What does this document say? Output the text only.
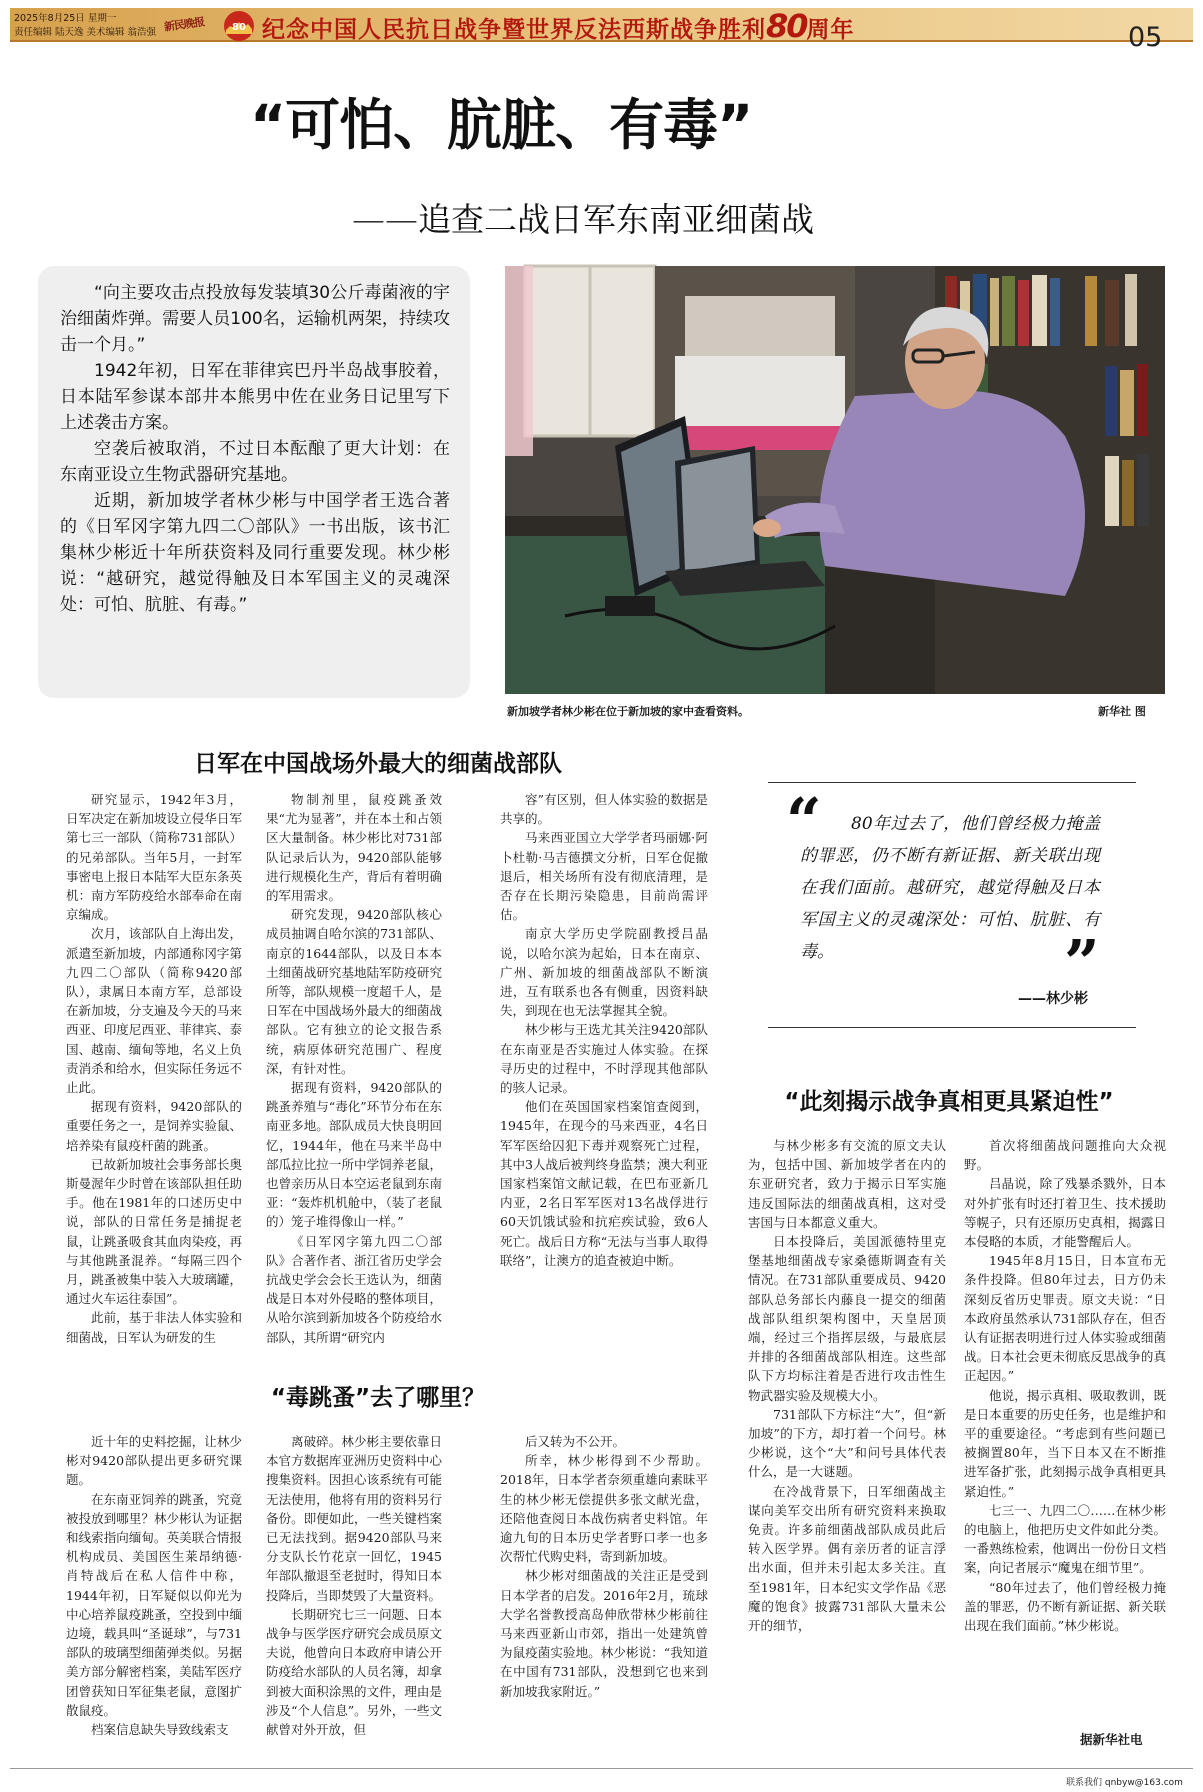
2025年8月25日 星期一
责任编辑 陆天逸 美术编辑 翁浩强 新民晚报	80 纪念中国人民抗日战争暨世界反法西斯战争胜利80周年	05
“可怕、肮脏、有毒”
——追查二战日军东南亚细菌战

“向主要攻击点投放每发装填30公斤毒菌液的宇治细菌炸弹。需要人员100名，运输机两架，持续攻击一个月。”

1942年初，日军在菲律宾巴丹半岛战事胶着，日本陆军参谋本部井本熊男中佐在业务日记里写下上述袭击方案。

空袭后被取消，不过日本酝酿了更大计划：在东南亚设立生物武器研究基地。

近期，新加坡学者林少彬与中国学者王选合著的《日军冈字第九四二〇部队》一书出版，该书汇集林少彬近十年所获资料及同行重要发现。林少彬说：“越研究，越觉得触及日本军国主义的灵魂深处：可怕、肮脏、有毒。”

新加坡学者林少彬在位于新加坡的家中查看资料。	新华社 图
日军在中国战场外最大的细菌战部队

研究显示，1942年3月，日军决定在新加坡设立侵华日军第七三一部队（简称731部队）的兄弟部队。当年5月，一封军事密电上报日本陆军大臣东条英机：南方军防疫给水部奉命在南京编成。

次月，该部队自上海出发，派遣至新加坡，内部通称冈字第九四二〇部队（简称9420部队），隶属日本南方军，总部设在新加坡，分支遍及今天的马来西亚、印度尼西亚、菲律宾、泰国、越南、缅甸等地，名义上负责消杀和给水，但实际任务远不止此。

据现有资料，9420部队的重要任务之一，是饲养实验鼠、培养染有鼠疫杆菌的跳蚤。

已故新加坡社会事务部长奥斯曼渥年少时曾在该部队担任助手。他在1981年的口述历史中说，部队的日常任务是捕捉老鼠，让跳蚤吸食其血肉染疫，再与其他跳蚤混养。“每隔三四个月，跳蚤被集中装入大玻璃罐，通过火车运往泰国”。

此前，基于非法人体实验和细菌战，日军认为研发的生

物制剂里，鼠疫跳蚤效果“尤为显著”，并在本土和占领区大量制备。林少彬比对731部队记录后认为，9420部队能够进行规模化生产，背后有着明确的军用需求。

研究发现，9420部队核心成员抽调自哈尔滨的731部队、南京的1644部队，以及日本本土细菌战研究基地陆军防疫研究所等，部队规模一度超千人，是日军在中国战场外最大的细菌战部队。它有独立的论文报告系统，病原体研究范围广、程度深，有针对性。

据现有资料，9420部队的跳蚤养殖与“毒化”环节分布在东南亚多地。部队成员大快良明回忆，1944年，他在马来半岛中部瓜拉比拉一所中学饲养老鼠，也曾亲历从日本空运老鼠到东南亚：“轰炸机机舱中，（装了老鼠的）笼子堆得像山一样。”

《日军冈字第九四二〇部队》合著作者、浙江省历史学会抗战史学会会长王选认为，细菌战是日本对外侵略的整体项目，从哈尔滨到新加坡各个防疫给水部队，其所谓“研究内

容”有区别，但人体实验的数据是共享的。

马来西亚国立大学学者玛丽娜·阿卜杜勒·马吉德撰文分析，日军仓促撤退后，相关场所有没有彻底清理，是否存在长期污染隐患，目前尚需评估。

南京大学历史学院副教授吕晶说，以哈尔滨为起始，日本在南京、广州、新加坡的细菌战部队不断演进，互有联系也各有侧重，因资料缺失，到现在也无法掌握其全貌。

林少彬与王选尤其关注9420部队在东南亚是否实施过人体实验。在探寻历史的过程中，不时浮现其他部队的骇人记录。

他们在英国国家档案馆查阅到，1945年，在现今的马来西亚，4名日军军医给囚犯下毒并观察死亡过程，其中3人战后被判终身监禁；澳大利亚国家档案馆文献记载，在巴布亚新几内亚，2名日军军医对13名战俘进行60天饥饿试验和抗疟疾试验，致6人死亡。战后日方称“无法与当事人取得联络”，让澳方的追查被迫中断。

“	80年过去了，他们曾经极力掩盖的罪恶，仍不断有新证据、新关联出现在我们面前。越研究，越觉得触及日本军国主义的灵魂深处：可怕、肮脏、有毒。	”
——林少彬
“此刻揭示战争真相更具紧迫性”
“毒跳蚤”去了哪里？

近十年的史料挖掘，让林少彬对9420部队提出更多研究课题。

在东南亚饲养的跳蚤，究竟被投放到哪里？林少彬认为证据和线索指向缅甸。英美联合情报机构成员、美国医生莱昂纳德·肖特战后在私人信件中称，1944年初，日军疑似以仰光为中心培养鼠疫跳蚤，空投到中缅边境，载具叫“圣诞球”，与731部队的玻璃型细菌弹类似。另据美方部分解密档案，美陆军医疗团曾获知日军征集老鼠，意图扩散鼠疫。

档案信息缺失导致线索支

离破碎。林少彬主要依靠日本官方数据库亚洲历史资料中心搜集资料。因担心该系统有可能无法使用，他将有用的资料另行备份。即便如此，一些关键档案已无法找到。据9420部队马来分支队长竹花京一回忆，1945年部队撤退至老挝时，得知日本投降后，当即焚毁了大量资料。

长期研究七三一问题、日本战争与医学医疗研究会成员原文夫说，他曾向日本政府申请公开防疫给水部队的人员名簿，却拿到被大面积涂黑的文件，理由是涉及“个人信息”。另外，一些文献曾对外开放，但

后又转为不公开。

所幸，林少彬得到不少帮助。2018年，日本学者奈须重雄向素昧平生的林少彬无偿提供多张文献光盘，还陪他查阅日本战伤病者史料馆。年逾九旬的日本历史学者野口孝一也多次帮忙代购史料，寄到新加坡。

林少彬对细菌战的关注正是受到日本学者的启发。2016年2月，琉球大学名誉教授高岛伸欣带林少彬前往马来西亚新山市郊，指出一处建筑曾为鼠疫菌实验地。林少彬说：“我知道在中国有731部队，没想到它也来到新加坡我家附近。”

与林少彬多有交流的原文夫认为，包括中国、新加坡学者在内的东亚研究者，致力于揭示日军实施违反国际法的细菌战真相，这对受害国与日本都意义重大。

日本投降后，美国派德特里克堡基地细菌战专家桑德斯调查有关情况。在731部队重要成员、9420部队总务部长内藤良一提交的细菌战部队组织架构图中，天皇居顶端，经过三个指挥层级，与最底层并排的各细菌战部队相连。这些部队下方均标注着是否进行攻击性生物武器实验及规模大小。

731部队下方标注“大”，但“新加坡”的下方，却打着一个问号。林少彬说，这个“大”和问号具体代表什么，是一大谜题。

在冷战背景下，日军细菌战主谋向美军交出所有研究资料来换取免责。许多前细菌战部队成员此后转入医学界。偶有亲历者的证言浮出水面，但并未引起太多关注。直至1981年，日本纪实文学作品《恶魔的饱食》披露731部队大量未公开的细节，

首次将细菌战问题推向大众视野。

吕晶说，除了残暴杀戮外，日本对外扩张有时还打着卫生、技术援助等幌子，只有还原历史真相，揭露日本侵略的本质，才能警醒后人。

1945年8月15日，日本宣布无条件投降。但80年过去，日方仍未深刻反省历史罪责。原文夫说：“日本政府虽然承认731部队存在，但否认有证据表明进行过人体实验或细菌战。日本社会更未彻底反思战争的真正起因。”

他说，揭示真相、吸取教训，既是日本重要的历史任务，也是维护和平的重要途径。“考虑到有些问题已被搁置80年，当下日本又在不断推进军备扩张，此刻揭示战争真相更具紧迫性。”

七三一、九四二〇……在林少彬的电脑上，他把历史文件如此分类。一番熟练检索，他调出一份份日文档案，向记者展示“魔鬼在细节里”。

“80年过去了，他们曾经极力掩盖的罪恶，仍不断有新证据、新关联出现在我们面前。”林少彬说。

据新华社电
联系我们 qnbyw@163.com
